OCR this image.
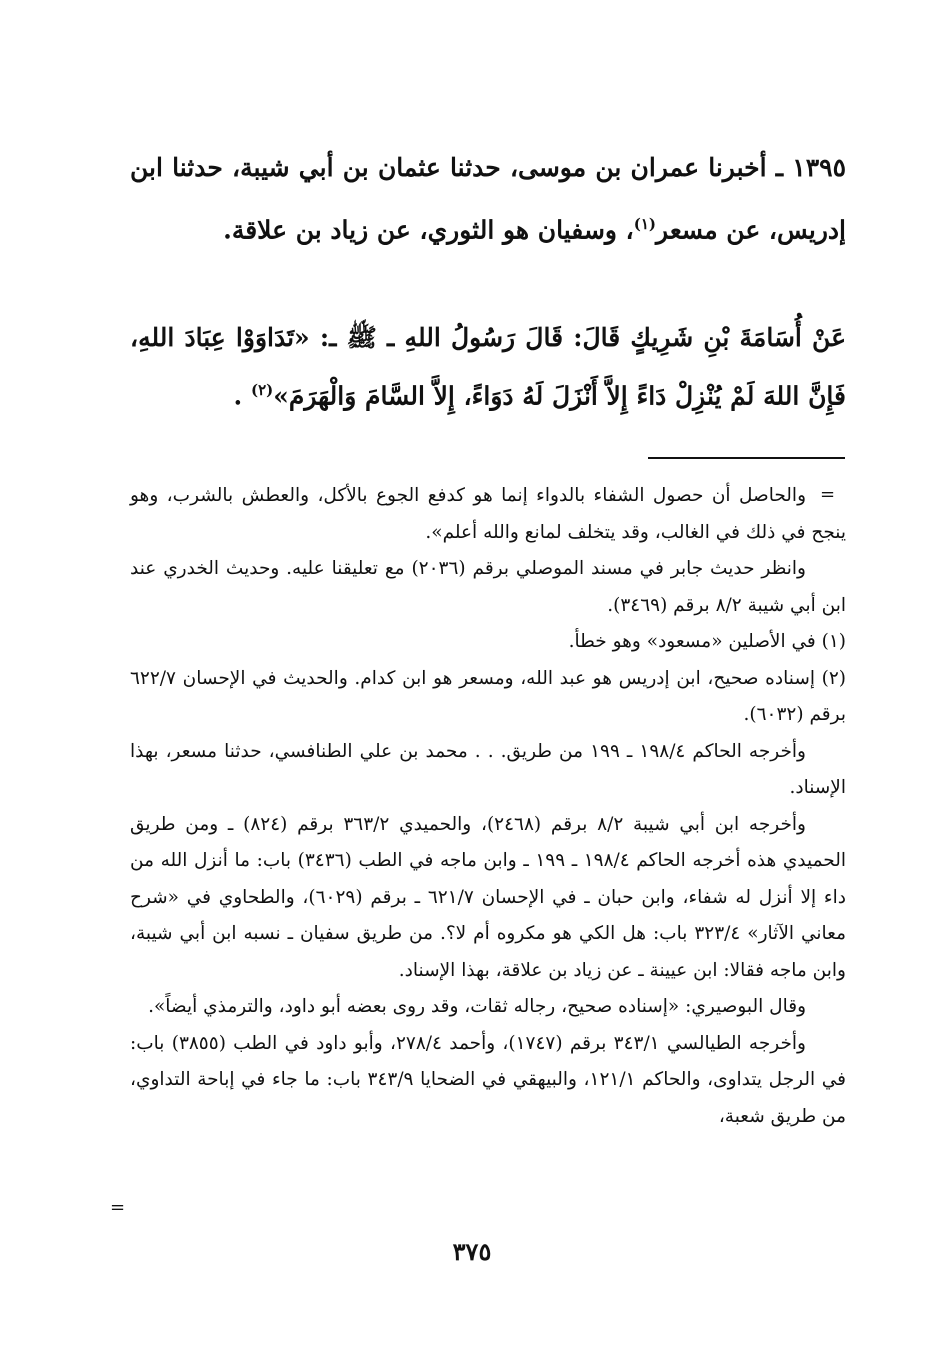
١٣٩٥ ـ أخبرنا عمران بن موسى، حدثنا عثمان بن أبي شيبة، حدثنا ابن إدريس، عن مسعر$^{(١)}$، وسفيان هو الثوري، عن زياد بن علاقة.

عَنْ أُسَامَةَ بْنِ شَرِيكٍ قَالَ: قَالَ رَسُولُ اللهِ ـ ﷺ ـ: «تَدَاوَوْا عِبَادَ اللهِ، فَإِنَّ اللهَ لَمْ يُنْزِلْ دَاءً إِلاَّ أَنْزَلَ لَهُ دَوَاءً، إِلاَّ السَّامَ وَالْهَرَمَ»$^{(٢)}$ .

=

والحاصل أن حصول الشفاء بالدواء إنما هو كدفع الجوع بالأكل، والعطش بالشرب، وهو ينجح في ذلك في الغالب، وقد يتخلف لمانع والله أعلم».

وانظر حديث جابر في مسند الموصلي برقم (٢٠٣٦) مع تعليقنا عليه. وحديث الخدري عند ابن أبي شيبة ٨/٢ برقم (٣٤٦٩).

(١) في الأصلين «مسعود» وهو خطأ.

(٢) إسناده صحيح، ابن إدريس هو عبد الله، ومسعر هو ابن كدام. والحديث في الإحسان ٦٢٢/٧ برقم (٦٠٣٢).

وأخرجه الحاكم ١٩٨/٤ ـ ١٩٩ من طريق. . . محمد بن علي الطنافسي، حدثنا مسعر، بهذا الإسناد.

وأخرجه ابن أبي شيبة ٨/٢ برقم (٢٤٦٨)، والحميدي ٣٦٣/٢ برقم (٨٢٤) ـ ومن طريق الحميدي هذه أخرجه الحاكم ١٩٨/٤ ـ ١٩٩ ـ وابن ماجه في الطب (٣٤٣٦) باب: ما أنزل الله من داء إلا أنزل له شفاء، وابن حبان ـ في الإحسان ٦٢١/٧ ـ برقم (٦٠٢٩)، والطحاوي في «شرح معاني الآثار» ٣٢٣/٤ باب: هل الكي هو مكروه أم لا؟. من طريق سفيان ـ نسبه ابن أبي شيبة، وابن ماجه فقالا: ابن عيينة ـ عن زياد بن علاقة، بهذا الإسناد.

وقال البوصيري: «إسناده صحيح، رجاله ثقات، وقد روى بعضه أبو داود، والترمذي أيضاً».

وأخرجه الطيالسي ٣٤٣/١ برقم (١٧٤٧)، وأحمد ٢٧٨/٤، وأبو داود في الطب (٣٨٥٥) باب: في الرجل يتداوى، والحاكم ١٢١/١، والبيهقي في الضحايا ٣٤٣/٩ باب: ما جاء في إباحة التداوي، من طريق شعبة،

=
٣٧٥
